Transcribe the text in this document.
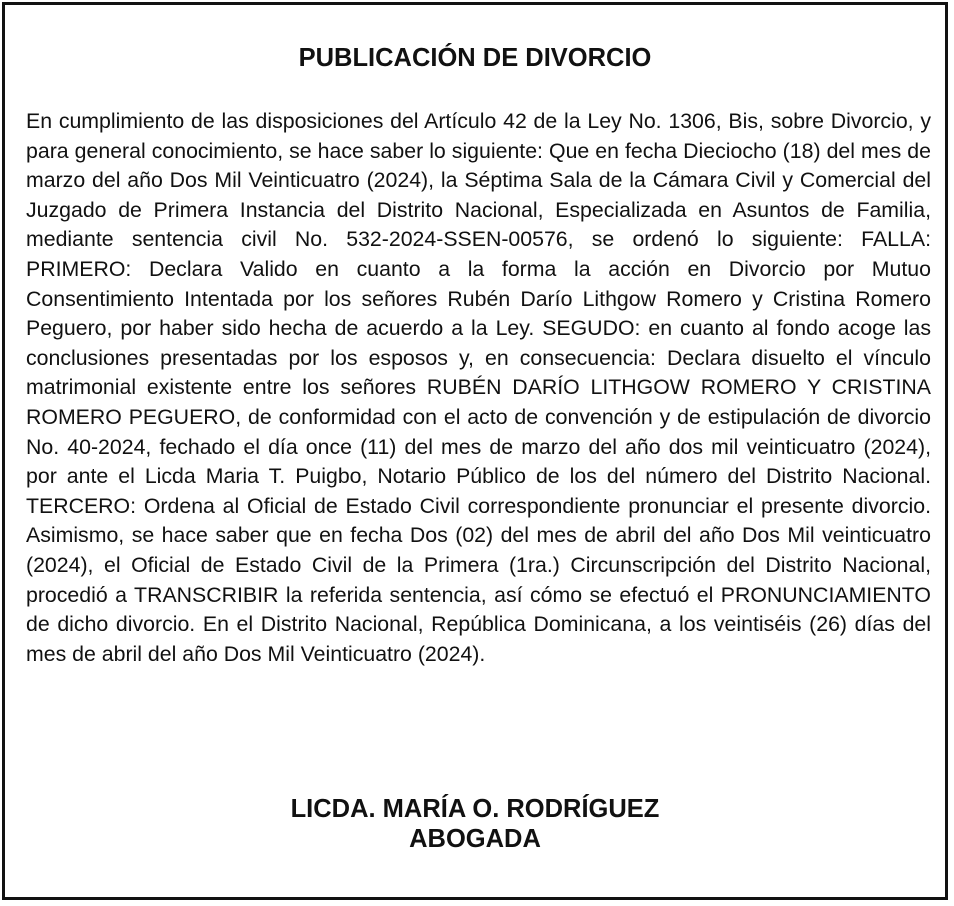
PUBLICACIÓN DE DIVORCIO

En cumplimiento de las disposiciones del Artículo 42 de la Ley No. 1306, Bis, sobre Divorcio, y para general conocimiento, se hace saber lo siguiente: Que en fecha Dieciocho (18) del mes de marzo del año Dos Mil Veinticuatro (2024), la Séptima Sala de la Cámara Civil y Comercial del Juzgado de Primera Instancia del Distrito Nacional, Especializada en Asuntos de Familia, mediante sentencia civil No. 532-2024-SSEN-00576, se ordenó lo siguiente: FALLA: PRIMERO: Declara Valido en cuanto a la forma la acción en Divorcio por Mutuo Consentimiento Intentada por los señores Rubén Darío Lithgow Romero y Cristina Romero Peguero, por haber sido hecha de acuerdo a la Ley. SEGUDO: en cuanto al fondo acoge las conclusiones presentadas por los esposos y, en consecuencia: Declara disuelto el vínculo matrimonial existente entre los señores RUBÉN DARÍO LITHGOW ROMERO Y CRISTINA ROMERO PEGUERO, de conformidad con el acto de convención y de estipulación de divorcio No. 40-2024, fechado el día once (11) del mes de marzo del año dos mil veinticuatro (2024), por ante el Licda Maria T. Puigbo, Notario Público de los del número del Distrito Nacional. TERCERO: Ordena al Oficial de Estado Civil correspondiente pronunciar el presente divorcio. Asimismo, se hace saber que en fecha Dos (02) del mes de abril del año Dos Mil veinticuatro (2024), el Oficial de Estado Civil de la Primera (1ra.) Circunscripción del Distrito Nacional, procedió a TRANSCRIBIR la referida sentencia, así cómo se efectuó el PRONUNCIAMIENTO de dicho divorcio. En el Distrito Nacional, República Dominicana, a los veintiséis (26) días del mes de abril del año Dos Mil Veinticuatro (2024).

LICDA. MARÍA O. RODRÍGUEZ
ABOGADA
